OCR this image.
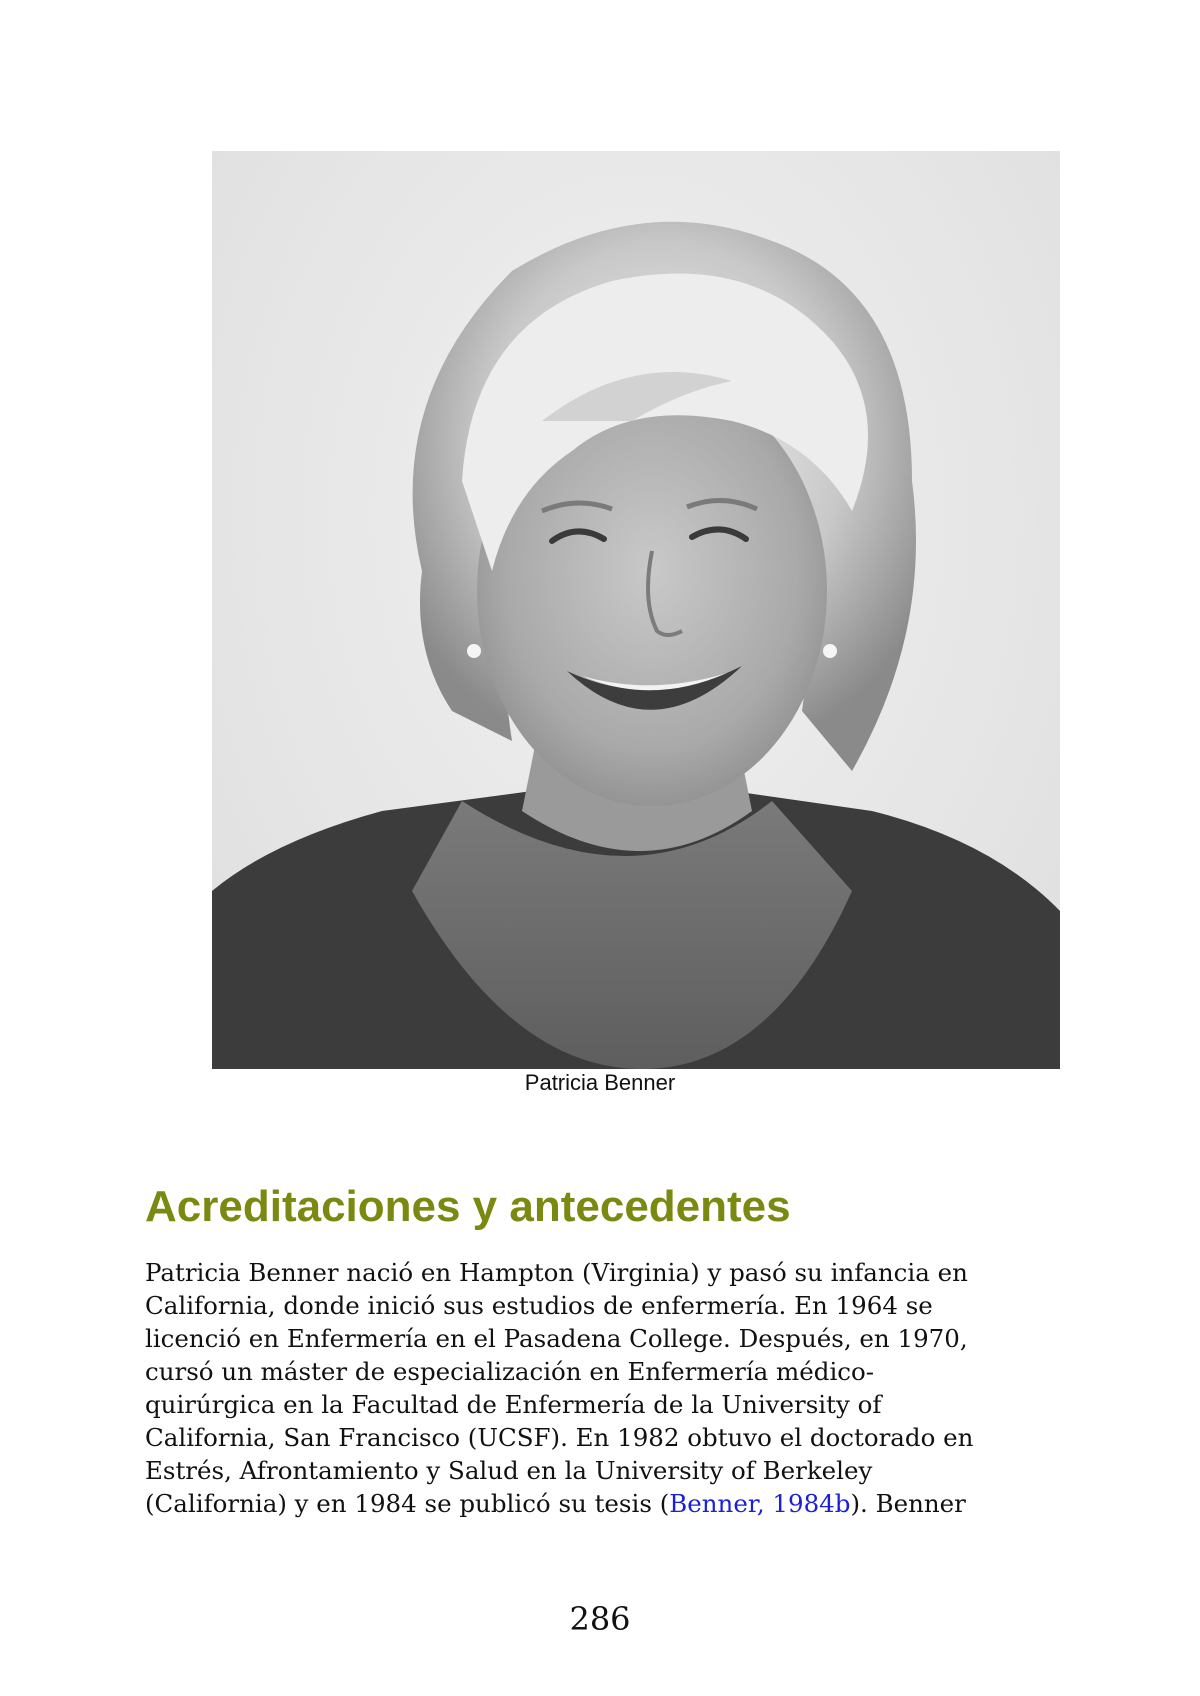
Patricia Benner
Acreditaciones y antecedentes

Patricia Benner nació en Hampton (Virginia) y pasó su infancia en
California, donde inició sus estudios de enfermería. En 1964 se
licenció en Enfermería en el Pasadena College. Después, en 1970,
cursó un máster de especialización en Enfermería médico-
quirúrgica en la Facultad de Enfermería de la University of
California, San Francisco (UCSF). En 1982 obtuvo el doctorado en
Estrés, Afrontamiento y Salud en la University of Berkeley
(California) y en 1984 se publicó su tesis (Benner, 1984b). Benner

286
